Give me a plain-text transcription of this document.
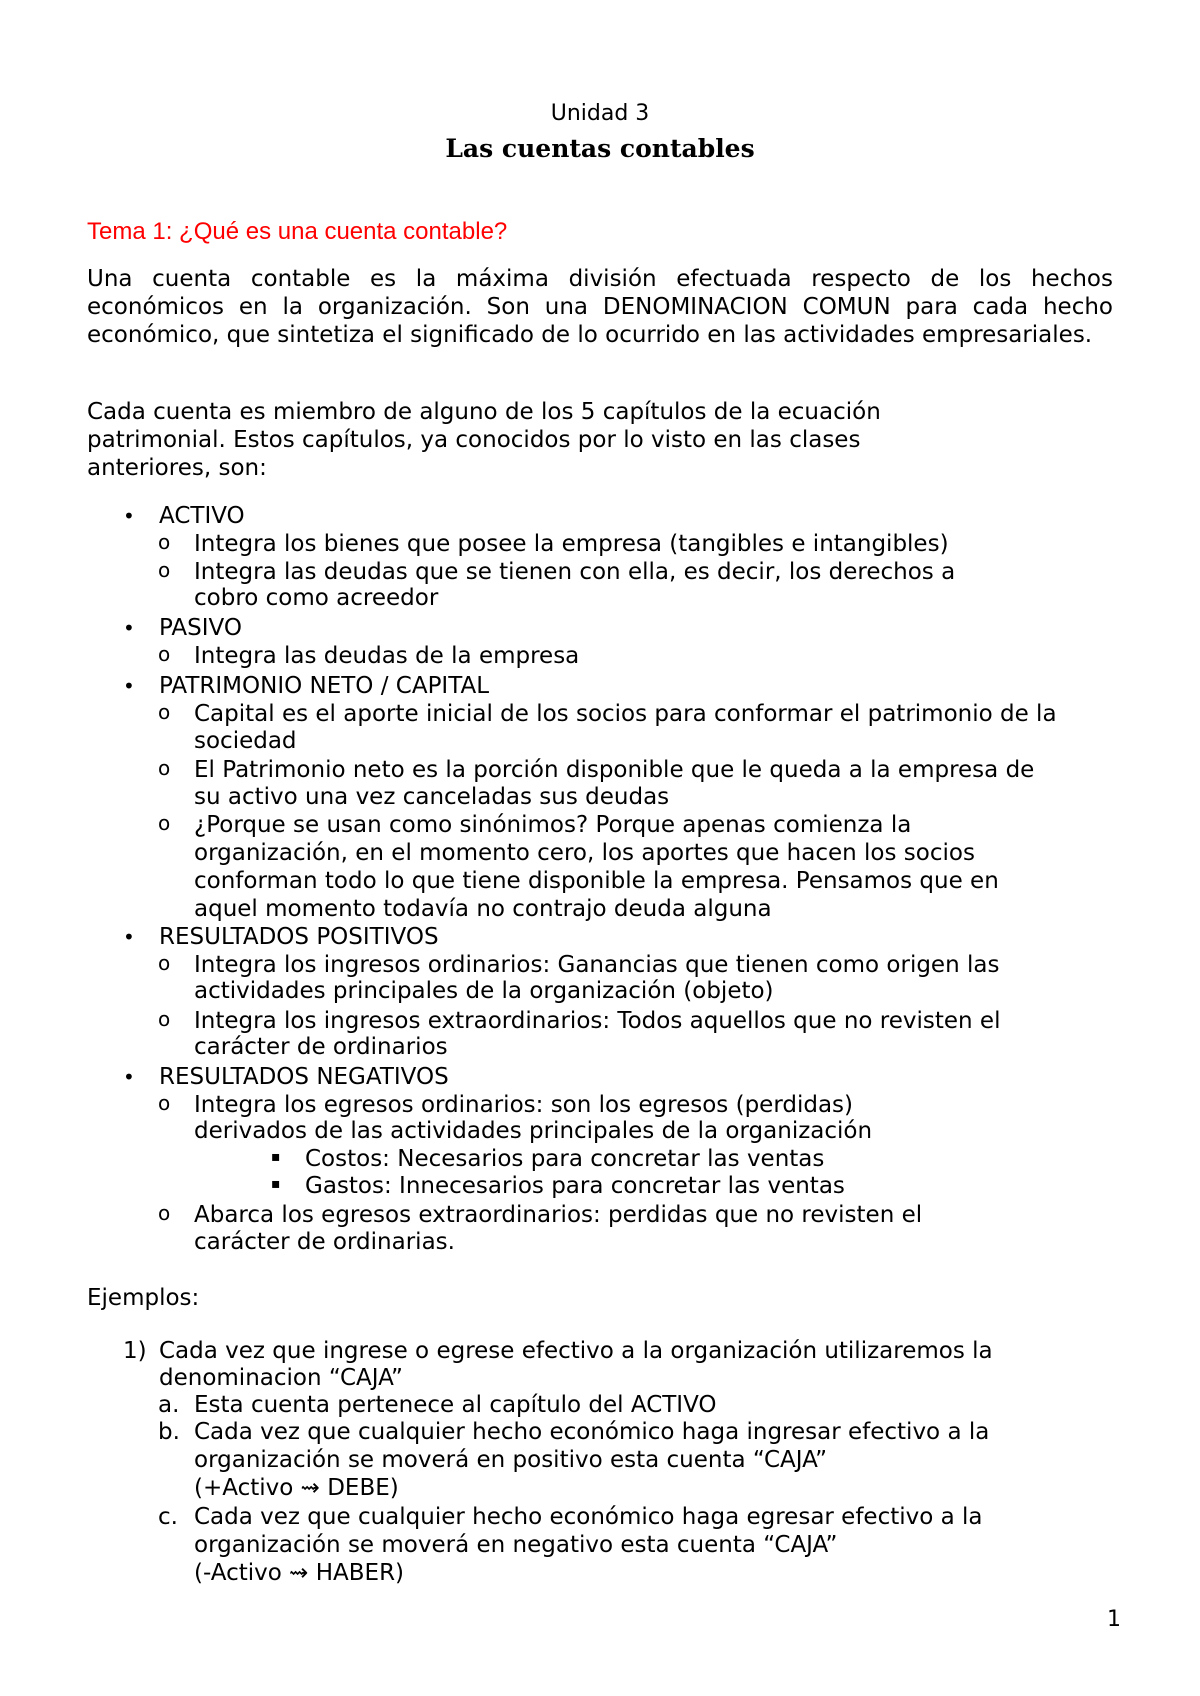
Unidad 3
Las cuentas contables
Tema 1: ¿Qué es una cuenta contable?
Una cuenta contable es la máxima división efectuada respecto de los hechos económicos en la organización. Son una DENOMINACION COMUN para cada hecho económico, que sintetiza el significado de lo ocurrido en las actividades empresariales.
Cada cuenta es miembro de alguno de los 5 capítulos de la ecuación
patrimonial. Estos capítulos, ya conocidos por lo visto en las clases
anteriores, son:
• ACTIVO
o Integra los bienes que posee la empresa (tangibles e intangibles)
o Integra las deudas que se tienen con ella, es decir, los derechos a
cobro como acreedor
• PASIVO
o Integra las deudas de la empresa
• PATRIMONIO NETO / CAPITAL
o Capital es el aporte inicial de los socios para conformar el patrimonio de la
sociedad
o El Patrimonio neto es la porción disponible que le queda a la empresa de
su activo una vez canceladas sus deudas
o ¿Porque se usan como sinónimos? Porque apenas comienza la
organización, en el momento cero, los aportes que hacen los socios
conforman todo lo que tiene disponible la empresa. Pensamos que en
aquel momento todavía no contrajo deuda alguna
• RESULTADOS POSITIVOS
o Integra los ingresos ordinarios: Ganancias que tienen como origen las
actividades principales de la organización (objeto)
o Integra los ingresos extraordinarios: Todos aquellos que no revisten el
carácter de ordinarios
• RESULTADOS NEGATIVOS
o Integra los egresos ordinarios: son los egresos (perdidas)
derivados de las actividades principales de la organización
▪ Costos: Necesarios para concretar las ventas
▪ Gastos: Innecesarios para concretar las ventas
o Abarca los egresos extraordinarios: perdidas que no revisten el
carácter de ordinarias.
Ejemplos:
1) Cada vez que ingrese o egrese efectivo a la organización utilizaremos la
denominacion “CAJA”
a. Esta cuenta pertenece al capítulo del ACTIVO
b. Cada vez que cualquier hecho económico haga ingresar efectivo a la
organización se moverá en positivo esta cuenta “CAJA”
(+Activo ⇝ DEBE)
c. Cada vez que cualquier hecho económico haga egresar efectivo a la
organización se moverá en negativo esta cuenta “CAJA”
(-Activo ⇝ HABER)
1
